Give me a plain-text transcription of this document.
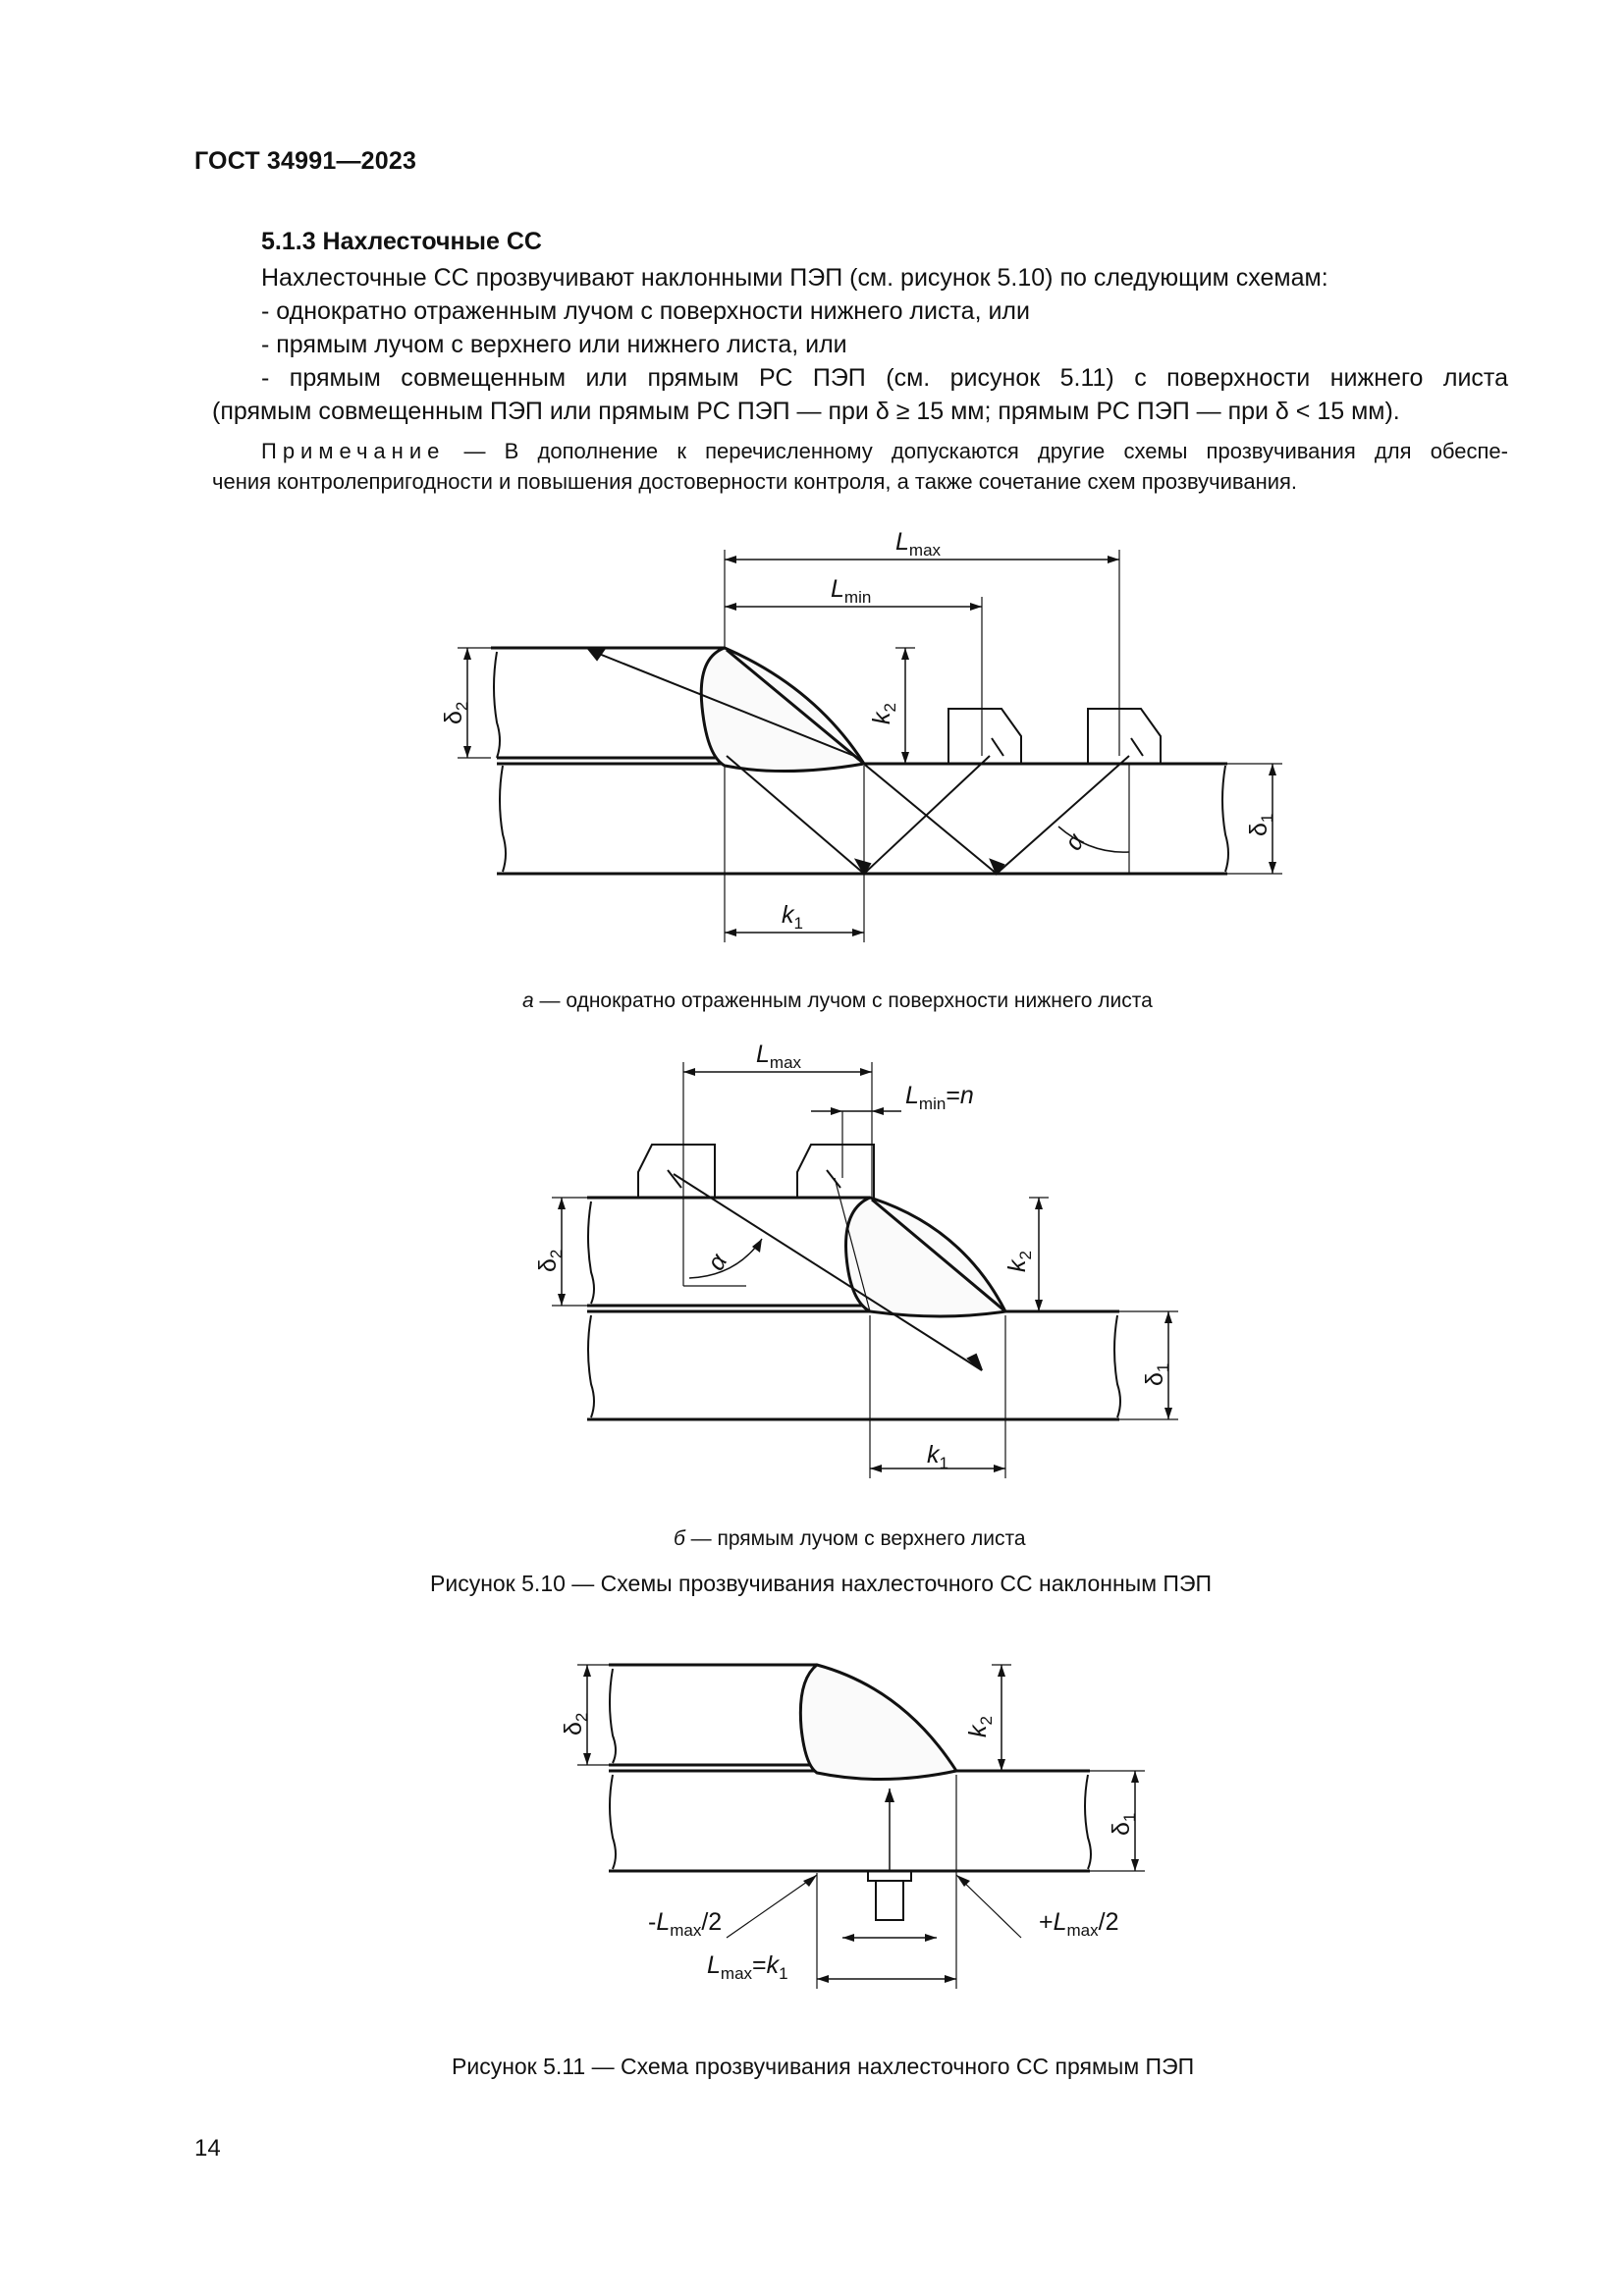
ГОСТ 34991—2023
5.1.3 Нахлесточные СС
Нахлесточные СС прозвучивают наклонными ПЭП (см. рисунок 5.10) по следующим схемам:
- однократно отраженным лучом с поверхности нижнего листа, или
- прямым лучом с верхнего или нижнего листа, или
- прямым совмещенным или прямым РС ПЭП (см. рисунок 5.11) с поверхности нижнего листа
(прямым совмещенным ПЭП или прямым РС ПЭП — при δ ≥ 15 мм; прямым РС ПЭП — при δ < 15 мм).
Примечание — В дополнение к перечисленному допускаются другие схемы прозвучивания для обеспе-
чения контролепригодности и повышения достоверности контроля, а также сочетание схем прозвучивания.
$L_{max}$
$L_{min}$
$k_1$
$\delta_2$
$k_2$
$\delta_1$
α
$L_{max}$
$L_{min}=n$
$k_1$
$\delta_2$
$k_2$
$\delta_1$
α
$\delta_2$
$k_2$
$\delta_1$
$-L_{max}/2$	$+L_{max}/2$
$L_{max}=k_1$
а — однократно отраженным лучом с поверхности нижнего листа
б — прямым лучом с верхнего листа
Рисунок 5.10 — Схемы прозвучивания нахлесточного СС наклонным ПЭП
Рисунок 5.11 — Схема прозвучивания нахлесточного СС прямым ПЭП
14
